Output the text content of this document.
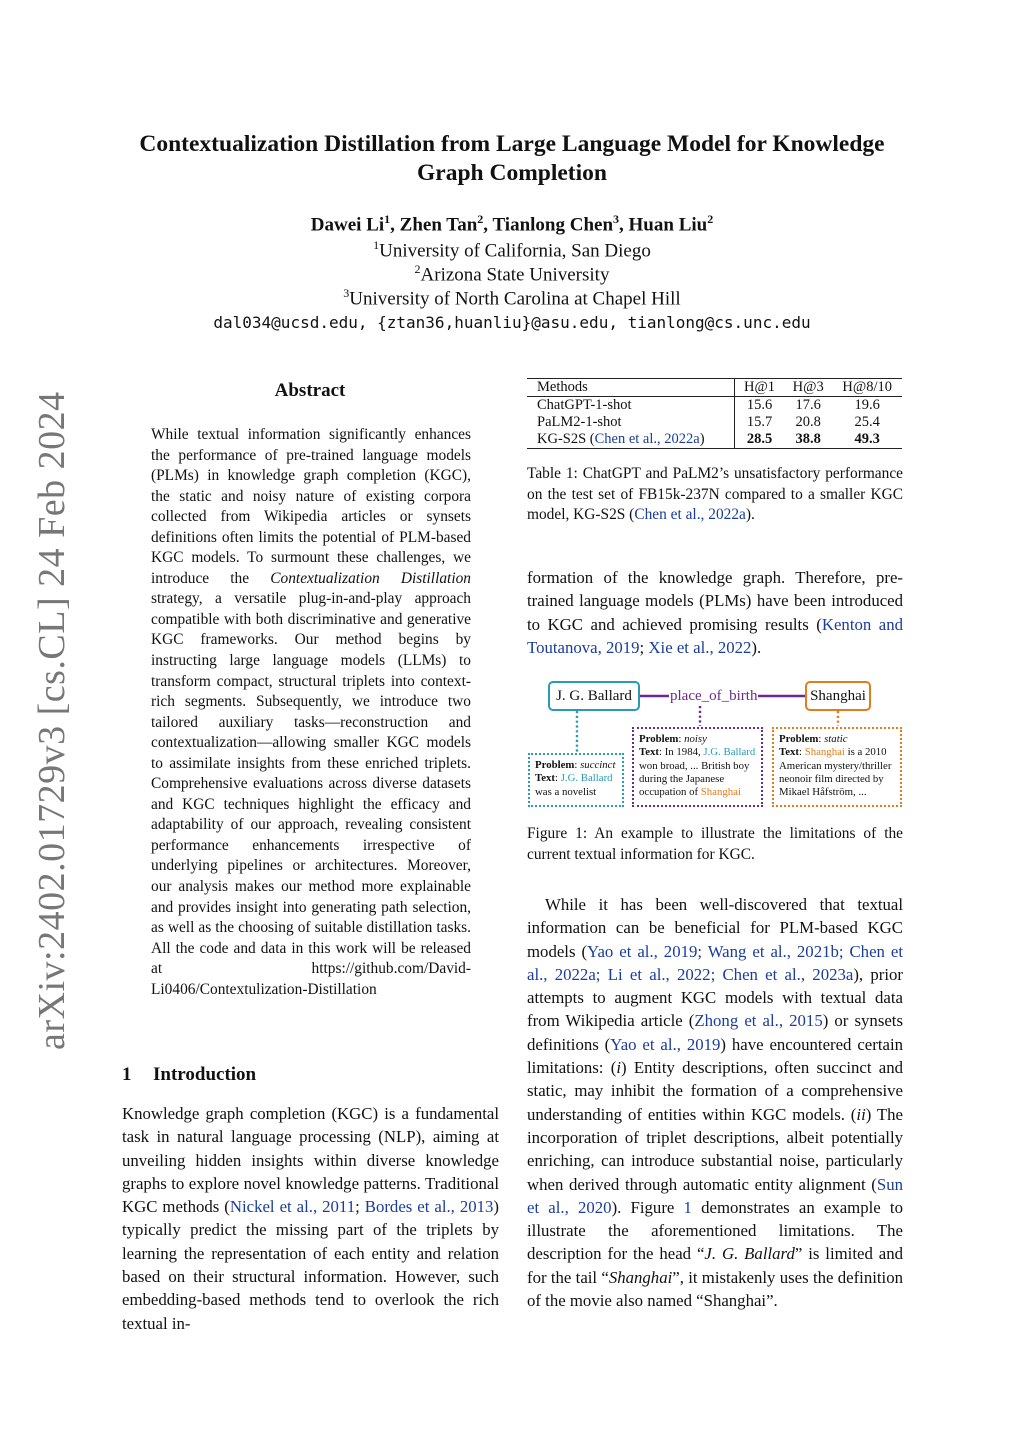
arXiv:2402.01729v3 [cs.CL] 24 Feb 2024
Contextualization Distillation from Large Language Model for Knowledge Graph Completion
Dawei Li$^1$, Zhen Tan$^2$, Tianlong Chen$^3$, Huan Liu$^2$
$^1$University of California, San Diego
$^2$Arizona State University
$^3$University of North Carolina at Chapel Hill
dal034@ucsd.edu, {ztan36,huanliu}@asu.edu, tianlong@cs.unc.edu
Abstract

While textual information significantly enhances the performance of pre-trained language models (PLMs) in knowledge graph completion (KGC), the static and noisy nature of existing corpora collected from Wikipedia articles or synsets definitions often limits the potential of PLM-based KGC models. To surmount these challenges, we introduce the Contextualization Distillation strategy, a versatile plug-in-and-play approach compatible with both discriminative and generative KGC frameworks. Our method begins by instructing large language models (LLMs) to transform compact, structural triplets into context-rich segments. Subsequently, we introduce two tailored auxiliary tasks—reconstruction and contextualization—allowing smaller KGC models to assimilate insights from these enriched triplets. Comprehensive evaluations across diverse datasets and KGC techniques highlight the efficacy and adaptability of our approach, revealing consistent performance enhancements irrespective of underlying pipelines or architectures. Moreover, our analysis makes our method more explainable and provides insight into generating path selection, as well as the choosing of suitable distillation tasks. All the code and data in this work will be released at https://github.com/David-Li0406/Contextulization-Distillation

1 Introduction

Knowledge graph completion (KGC) is a fundamental task in natural language processing (NLP), aiming at unveiling hidden insights within diverse knowledge graphs to explore novel knowledge patterns. Traditional KGC methods (Nickel et al., 2011; Bordes et al., 2013) typically predict the missing part of the triplets by learning the representation of each entity and relation based on their structural information. However, such embedding-based methods tend to overlook the rich textual in-

Methods	H@1	H@3	H@8/10
ChatGPT-1-shot	15.6	17.6	19.6
PaLM2-1-shot	15.7	20.8	25.4
KG-S2S (Chen et al., 2022a)	28.5	38.8	49.3

Table 1: ChatGPT and PaLM2’s unsatisfactory performance on the test set of FB15k-237N compared to a smaller KGC model, KG-S2S (Chen et al., 2022a).

formation of the knowledge graph. Therefore, pre-trained language models (PLMs) have been introduced to KGC and achieved promising results (Kenton and Toutanova, 2019; Xie et al., 2022).

J. G. Ballard	place_of_birth	Shanghai
Problem: succinct
Text: J.G. Ballard was a novelist
Problem: noisy
Text: In 1984, J.G. Ballard won broad, ... British boy during the Japanese occupation of Shanghai
Problem: static
Text: Shanghai is a 2010 American mystery/thriller neonoir film directed by Mikael Håfström, ...

Figure 1: An example to illustrate the limitations of the current textual information for KGC.

While it has been well-discovered that textual information can be beneficial for PLM-based KGC models (Yao et al., 2019; Wang et al., 2021b; Chen et al., 2022a; Li et al., 2022; Chen et al., 2023a), prior attempts to augment KGC models with textual data from Wikipedia article (Zhong et al., 2015) or synsets definitions (Yao et al., 2019) have encountered certain limitations: (i) Entity descriptions, often succinct and static, may inhibit the formation of a comprehensive understanding of entities within KGC models. (ii) The incorporation of triplet descriptions, albeit potentially enriching, can introduce substantial noise, particularly when derived through automatic entity alignment (Sun et al., 2020). Figure 1 demonstrates an example to illustrate the aforementioned limitations. The description for the head “J. G. Ballard” is limited and for the tail “Shanghai”, it mistakenly uses the definition of the movie also named “Shanghai”.
